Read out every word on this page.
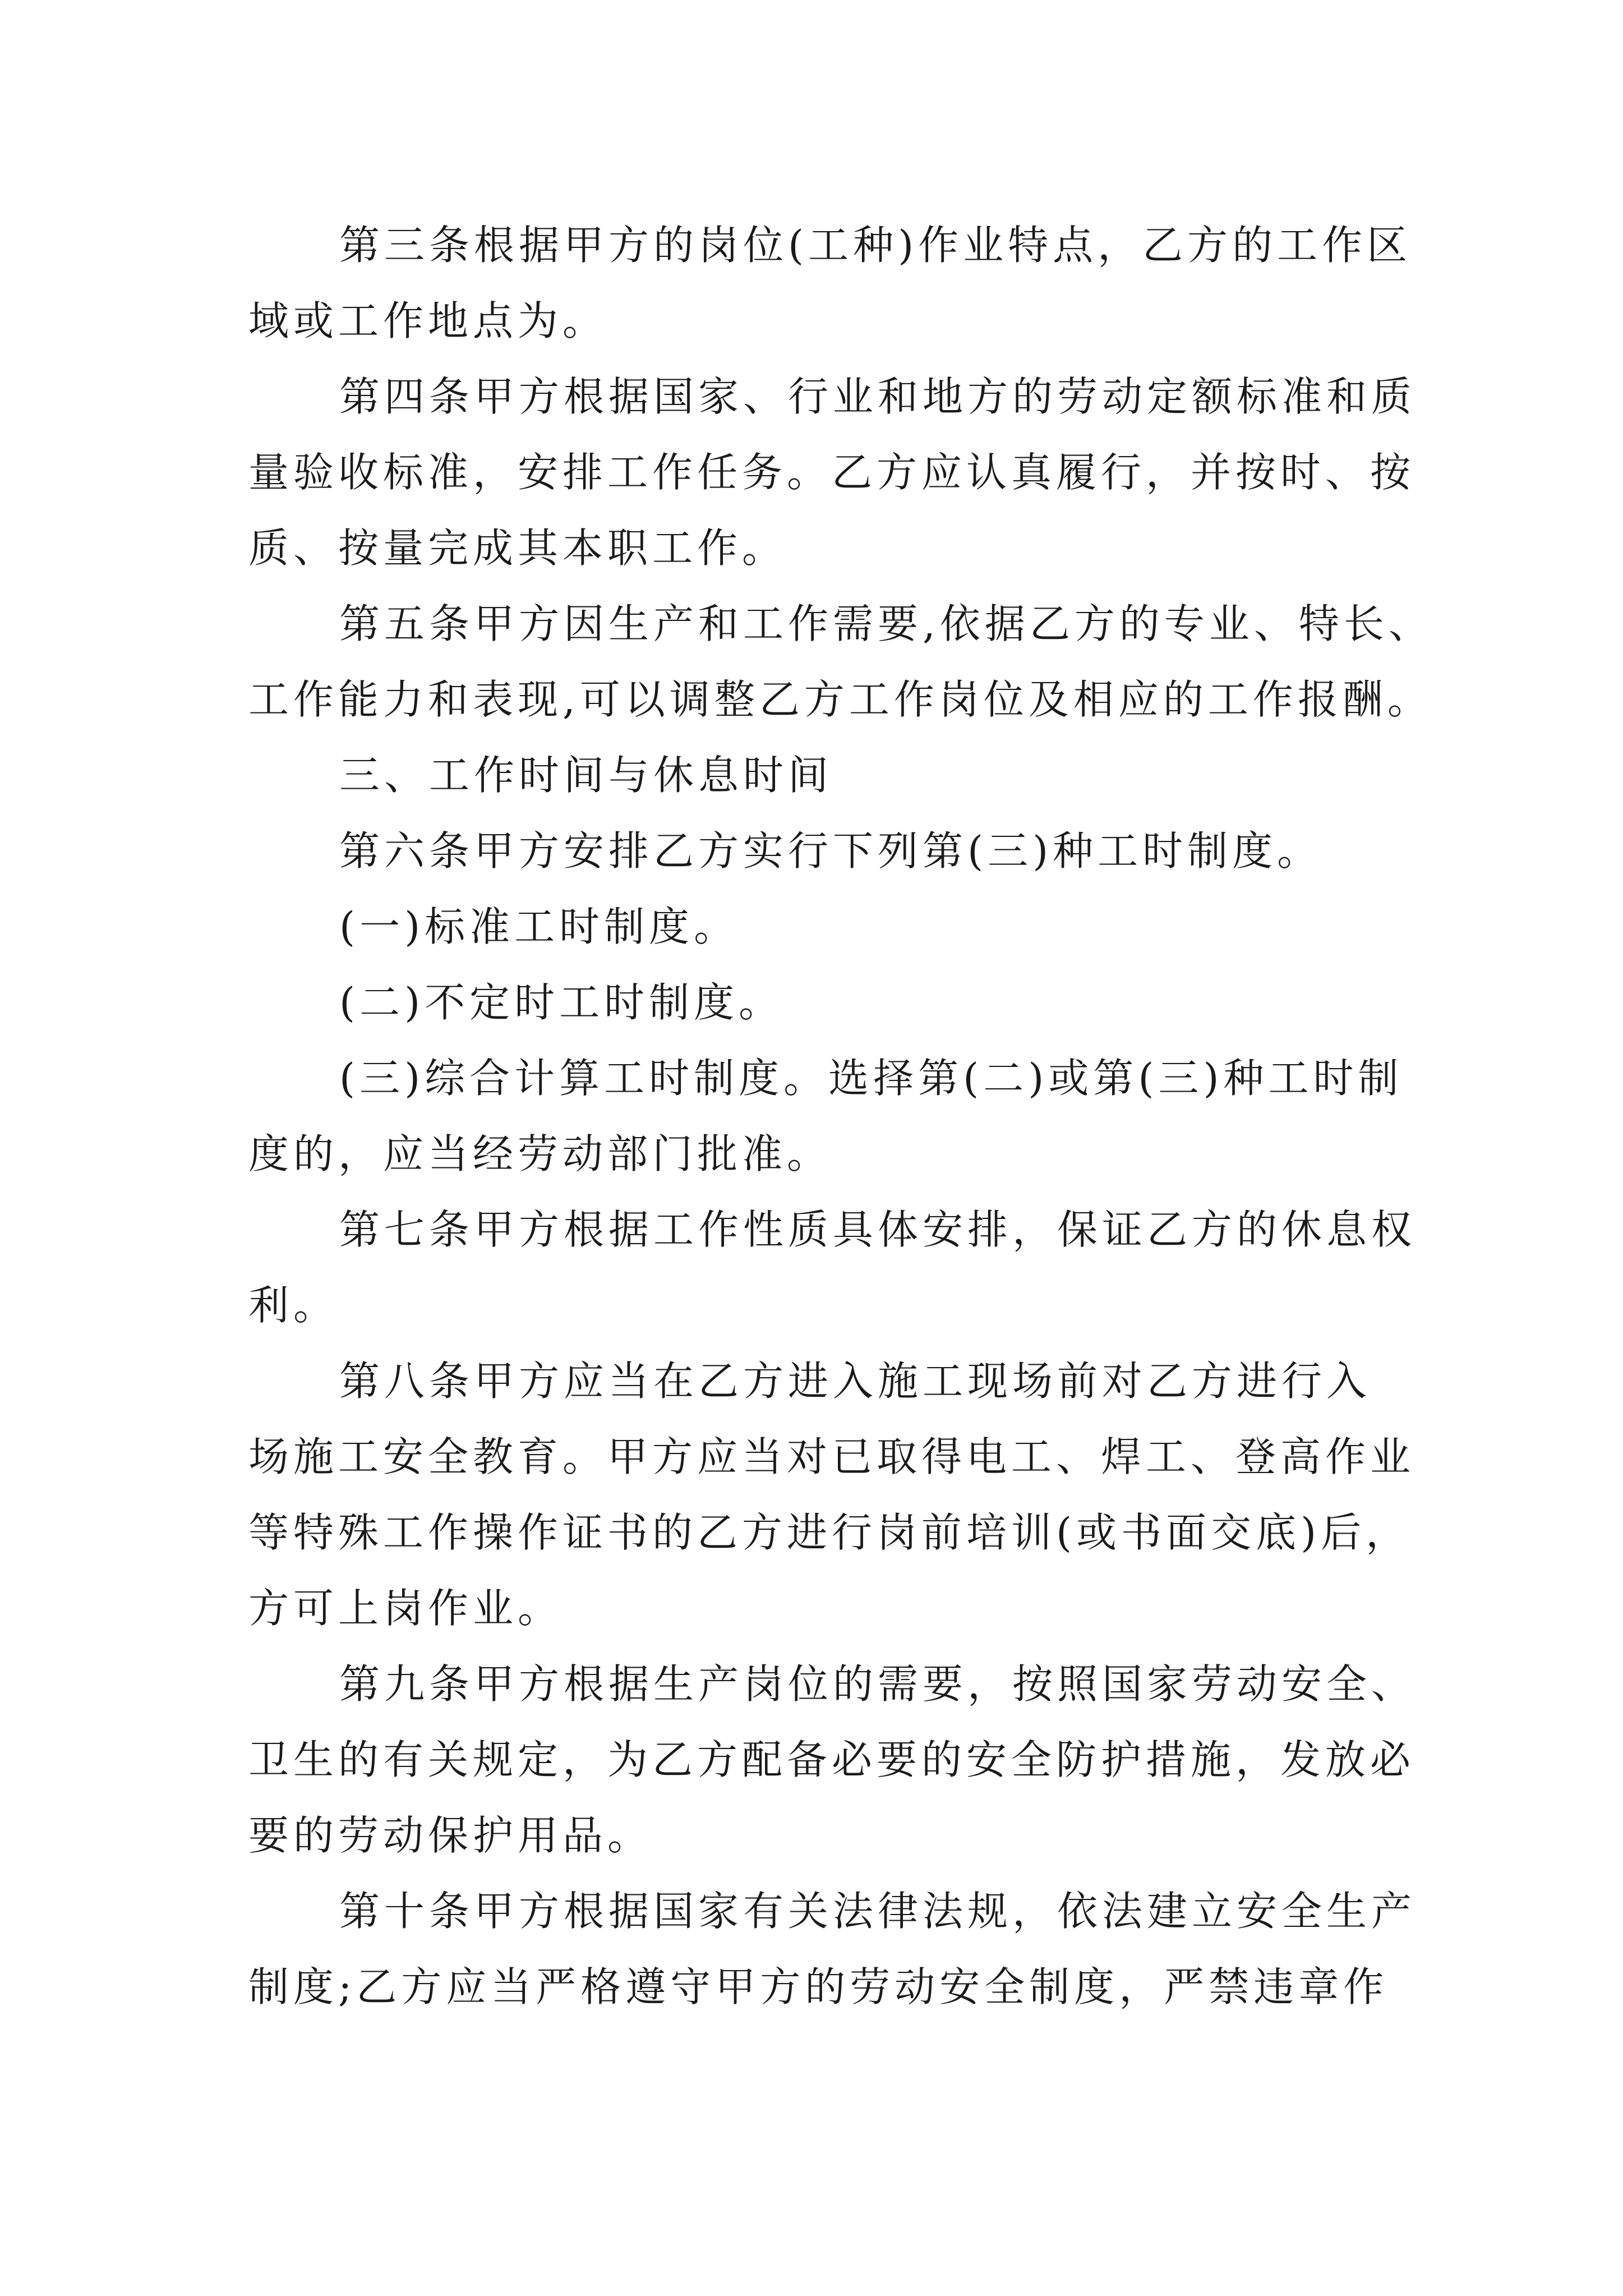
第三条根据甲方的岗位(工种)作业特点，乙方的工作区
域或工作地点为。
第四条甲方根据国家、行业和地方的劳动定额标准和质
量验收标准，安排工作任务。乙方应认真履行，并按时、按
质、按量完成其本职工作。
第五条甲方因生产和工作需要,依据乙方的专业、特长、
工作能力和表现,可以调整乙方工作岗位及相应的工作报酬。
三、工作时间与休息时间
第六条甲方安排乙方实行下列第(三)种工时制度。
(一)标准工时制度。
(二)不定时工时制度。
(三)综合计算工时制度。选择第(二)或第(三)种工时制
度的，应当经劳动部门批准。
第七条甲方根据工作性质具体安排，保证乙方的休息权
利。
第八条甲方应当在乙方进入施工现场前对乙方进行入
场施工安全教育。甲方应当对已取得电工、焊工、登高作业
等特殊工作操作证书的乙方进行岗前培训(或书面交底)后，
方可上岗作业。
第九条甲方根据生产岗位的需要，按照国家劳动安全、
卫生的有关规定，为乙方配备必要的安全防护措施，发放必
要的劳动保护用品。
第十条甲方根据国家有关法律法规，依法建立安全生产
制度;乙方应当严格遵守甲方的劳动安全制度，严禁违章作
